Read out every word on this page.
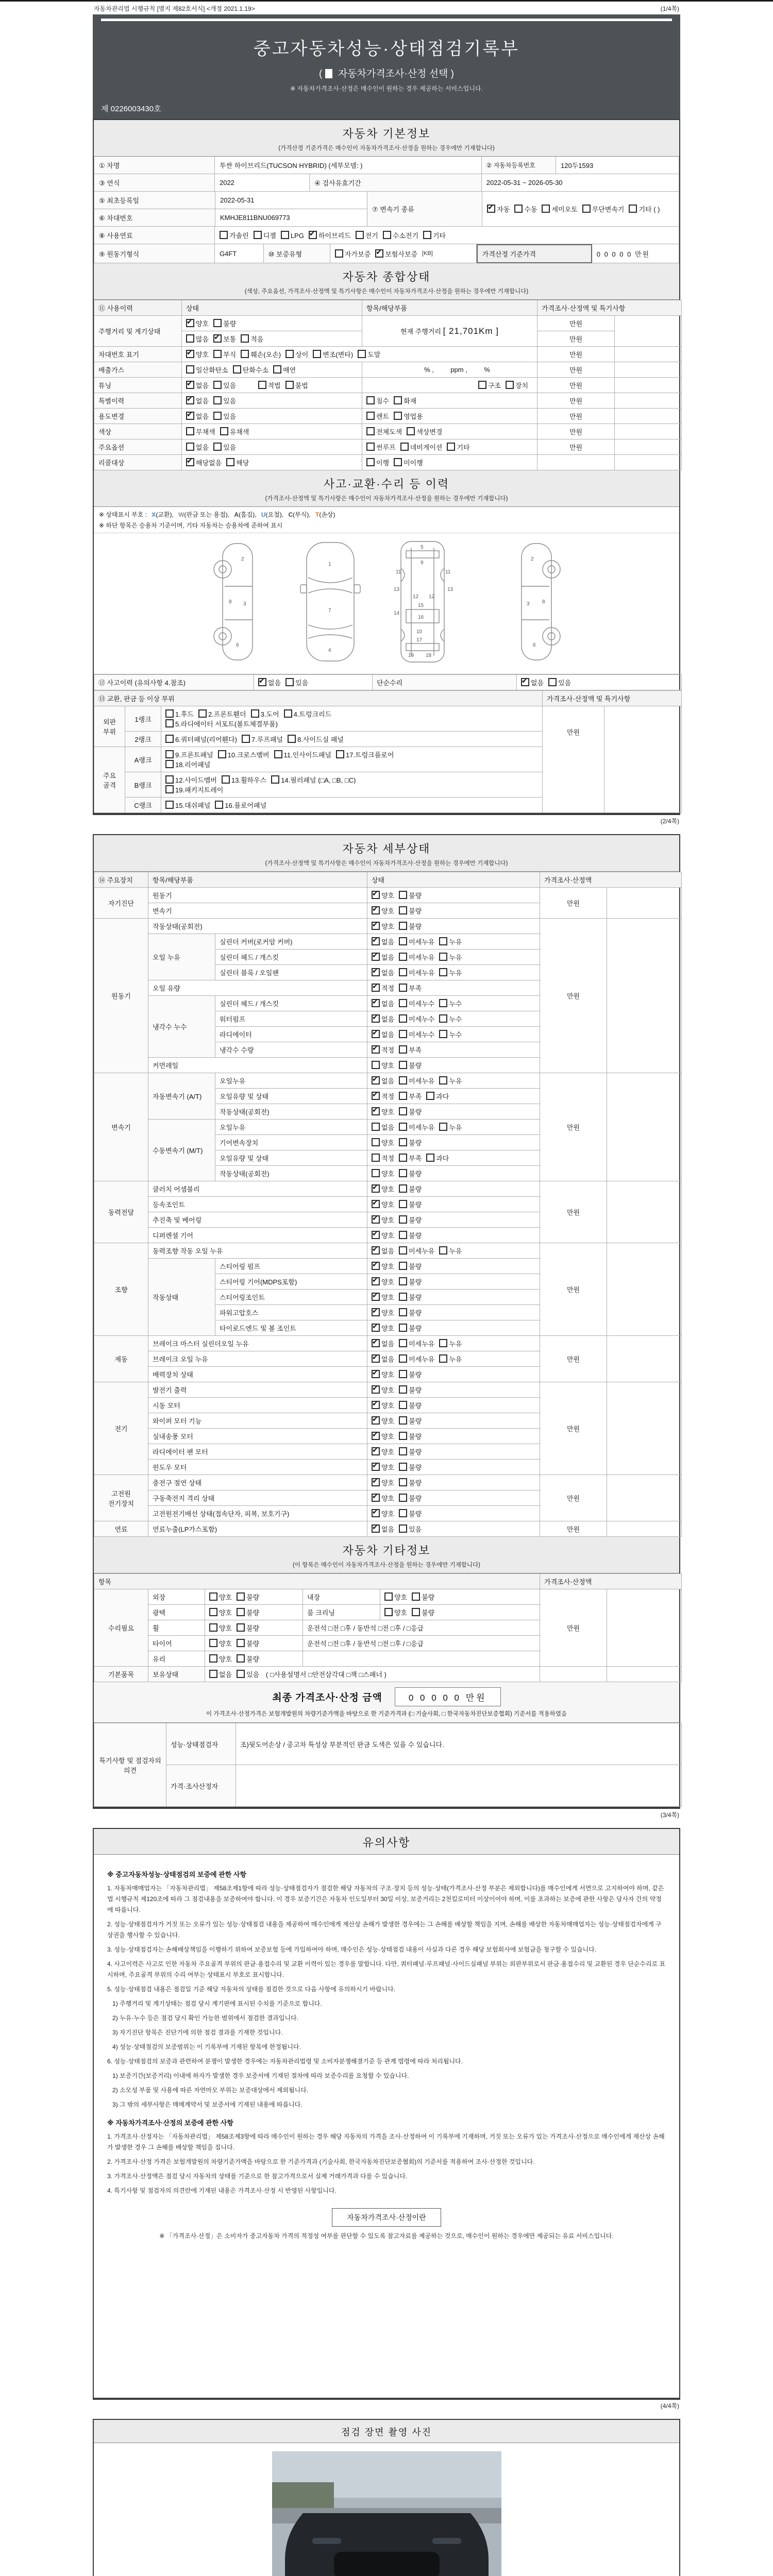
자동차관리법 시행규칙 [별지 제82호서식] <개정 2021.1.19>	(1/4쪽)
중고자동차성능·상태점검기록부
( 자동차가격조사·산정 선택 )
※ 자동차가격조사·산정은 매수인이 원하는 경우 제공하는 서비스입니다.
제 0226003430호
자동차 기본정보
(가격산정 기준가격은 매수인이 자동차가격조사·산정을 원하는 경우에만 기재합니다)
① 차명	투싼 하이브리드(TUCSON HYBRID) (세부모델: )	② 자동차등록번호	120두1593
③ 연식	2022	④ 검사유효기간	2022-05-31 ~ 2026-05-30
⑤ 최초등록일	2022-05-31
⑥ 차대번호	KMHJE811BNU069773
⑦ 변속기 종류 ✔	자동 수동 세미오토	무단변속기 기타 ( )
⑧ 사용연료	가솔린	디젤	LPG ✔	하이브리드	전기	수소전기	기타
⑨ 원동기형식	G4FT	⑩ 보증유형	자가보증 ✔ 보험사보증 [KB]	가격산정 기준가격	0 0 0 0 0 만원
자동차 종합상태
(색상, 주요옵션, 가격조사·산정액 및 특기사항은 매수인이 자동차가격조사·산정을 원하는 경우에만 기재합니다)
⑪ 사용이력	상태	항목/해당부품	가격조사·산정액 및 특기사항	
주행거리 및 계기상태	✔양호 불량	현재 주행거리 [ 21,701Km ]	만원	
	많음 ✔ 보통 적음		만원	
차대번호 표기	✔양호 부식 훼손(오손) 상이 변조(변타) 도말		만원	
배출가스	일산화탄소 탄화수소 매연	% ,         ppm ,         %	만원	
튜닝	✔없음 있음 적법 불법	구조 장치	만원	
특별이력	✔없음 있음	침수 화재	만원	
용도변경	✔없음 있음	렌트 영업용	만원	
색상	무채색 유채색	전체도색 색상변경	만원	
주요옵션	없음 있음	썬루프 네비게이션 기타	만원	
리콜대상	✔해당없음 해당	이행 미이행		
사고·교환·수리 등 이력
(가격조사·산정액 및 특기사항은 매수인이 자동차가격조사·산정을 원하는 경우에만 기재합니다)
※ 상태표시 부호 : X(교환), W(판금 또는 용접), A(흠집), U(요철), C(부식), T(손상)
※ 하단 항목은 승용차 기준이며, 기타 자동차는 승용차에 준하여 표시
2
8 3
6
1
7
4
5
9
11	11
13	13
12 12
15
16
14
10
17
19 18
2
3 8
6
⑫ 사고이력 (유의사항 4.참조)	✔없음 있음	단순수리	✔없음 있음
⑬ 교환, 판금 등 이상 부위			가격조사·산정액 및 특기사항	
외판 부위	1랭크	1.후드 2.프론트휀더 3.도어 4.트렁크리드
5.라디에이터 서포트(볼트체결부품)	만원	
	2랭크	6.쿼터패널(리어휀다) 7.루프패널 8.사이드실 패널		
주요 골격	A랭크	9.프론트패널 10.크로스멤버 11.인사이드패널 17.트렁크플로어
18.리어패널		

	B랭크	12.사이드멤버 13.휠하우스 14.필러패널 (□A, □B, □C)
19.패키지트레이		

	C랭크	15.대쉬패널 16.플로어패널		
(2/4쪽)
자동차 세부상태
(가격조사·산정액 및 특기사항은 매수인이 자동차가격조사·산정을 원하는 경우에만 기재합니다)
⑭ 주요장치	항목/해당부품		상태	가격조사·산정액	
자기진단	원동기	✔양호 불량	만원	
	변속기	✔양호 불량
원동기	작동상태(공회전)	✔양호 불량	만원	
	오일 누유	실린더 커버(로커암 커버)	✔없음 미세누유 누유
		실린더 헤드 / 개스킷	✔없음 미세누유 누유
		실린더 블록 / 오일팬	✔없음 미세누유 누유
	오일 유량	✔적정 부족
	냉각수 누수	실린더 헤드 / 개스킷	✔없음 미세누수 누수
		워터펌프	✔없음 미세누수 누수
		라디에이터	✔없음 미세누수 누수
		냉각수 수량	✔적정 부족
	커먼레일		양호 불량		
변속기	자동변속기 (A/T)	오일누유	✔없음 미세누유 누유	만원	
		오일유량 및 상태	✔적정 부족 과다
		작동상태(공회전)	✔양호 불량
	수동변속기 (M/T)	오일누유	없음 미세누유 누유		
		기어변속장치	양호 불량		
		오일유량 및 상태	적정 부족 과다		
		작동상태(공회전)	양호 불량		
동력전달	클러치 어셈블리	✔양호 불량	만원	
	등속조인트	✔양호 불량
	추진축 및 베어링	✔양호 불량
	디퍼렌셜 기어	✔양호 불량
조향	동력조향 작동 오일 누유	✔없음 미세누유 누유	만원	
	작동상태	스티어링 펌프	✔양호 불량
		스티어링 기어(MDPS포함)	✔양호 불량
		스티어링조인트	✔양호 불량
		파워고압호스	✔양호 불량
		타이로드엔드 및 볼 조인트	✔양호 불량
제동	브레이크 마스터 실린더오일 누유	✔없음 미세누유 누유	만원	
	브레이크 오일 누유	✔없음 미세누유 누유
	배력장치 상태	✔양호 불량
전기	발전기 출력	✔양호 불량	만원	
	시동 모터	✔양호 불량
	와이퍼 모터 기능	✔양호 불량
	실내송풍 모터	✔양호 불량
	라디에이터 팬 모터	✔양호 불량
	윈도우 모터	✔양호 불량
고전원 전기장치	충전구 절연 상태	✔양호 불량	만원	
	구동축전지 격리 상태	✔양호 불량
	고전원전기배선 상태(접속단자, 피복, 보호기구)	✔양호 불량
연료	연료누출(LP가스포함)	✔없음 있음	만원	
자동차 기타정보
(이 항목은 매수인이 자동차가격조사·산정을 원하는 경우에만 기재합니다)
항목					가격조사·산정액	
수리필요	외장	양호 불량	내장	양호 불량	만원	
	광택	양호 불량	룸 크리닝	양호 불량		
	휠	양호 불량	운전석 □전 □후 / 동반석 □전 □후 / □응급			
	타이어	양호 불량	운전석 □전 □후 / 동반석 □전 □후 / □응급			
	유리	양호 불량				
기본품목	보유상태	없음 있음 ( □사용설명서 □안전삼각대 □잭 □스패너 )				
최종 가격조사·산정 금액	0 0 0 0 0 만원
이 가격조사·산정가격은 보험개발원의 차량기준가액을 바탕으로 한 기준가격과 (□ 기술사회, □ 한국자동차진단보증협회) 기준서를 적용하였음
특기사항 및 점검자의 의견	성능·상태점검자	조)뒷도어손상 / 중고차 특성상 부분적인 판금 도색은 있을 수 있습니다.
	가격·조사산정자	
(3/4쪽)
유의사항
※ 중고자동차성능·상태점검의 보증에 관한 사항
1. 자동차매매업자는 「자동차관리법」 제58조제1항에 따라 성능·상태점검자가 점검한 해당 자동차의 구조·장치 등의 성능·상태(가격조사·산정 부분은 제외합니다)를 매수인에게 서면으로 고지하여야 하며, 같은 법 시행규칙 제120조에 따라 그 점검내용을 보증하여야 합니다. 이 경우 보증기간은 자동차 인도일부터 30일 이상, 보증거리는 2천킬로미터 이상이어야 하며, 이를 초과하는 보증에 관한 사항은 당사자 간의 약정에 따릅니다.
2. 성능·상태점검자가 거짓 또는 오류가 있는 성능·상태점검 내용을 제공하여 매수인에게 재산상 손해가 발생한 경우에는 그 손해를 배상할 책임을 지며, 손해를 배상한 자동차매매업자는 성능·상태점검자에게 구상권을 행사할 수 있습니다.
3. 성능·상태점검자는 손해배상책임을 이행하기 위하여 보증보험 등에 가입하여야 하며, 매수인은 성능·상태점검 내용이 사실과 다른 경우 해당 보험회사에 보험금을 청구할 수 있습니다.
4. 사고이력은 사고로 인한 자동차 주요골격 부위의 판금·용접수리 및 교환 이력이 있는 경우를 말합니다. 다만, 쿼터패널·루프패널·사이드실패널 부위는 외판부위로서 판금·용접수리 및 교환된 경우 단순수리로 표시하며, 주요골격 부위의 수리 여부는 상태표시 부호로 표시합니다.
5. 성능·상태점검 내용은 점검일 기준 해당 자동차의 상태를 점검한 것으로 다음 사항에 유의하시기 바랍니다.
1) 주행거리 및 계기상태는 점검 당시 계기판에 표시된 수치를 기준으로 합니다.
2) 누유·누수 등은 점검 당시 확인 가능한 범위에서 점검한 결과입니다.
3) 자기진단 항목은 진단기에 의한 점검 결과를 기재한 것입니다.
4) 성능·상태점검의 보증범위는 이 기록부에 기재된 항목에 한정됩니다.
6. 성능·상태점검의 보증과 관련하여 분쟁이 발생한 경우에는 자동차관리법령 및 소비자분쟁해결기준 등 관계 법령에 따라 처리됩니다.
1) 보증기간(보증거리) 이내에 하자가 발생한 경우 보증서에 기재된 절차에 따라 보증수리를 요청할 수 있습니다.
2) 소모성 부품 및 사용에 따른 자연마모 부위는 보증대상에서 제외됩니다.
3) 그 밖의 세부사항은 매매계약서 및 보증서에 기재된 내용에 따릅니다.
※ 자동차가격조사·산정의 보증에 관한 사항
1. 가격조사·산정자는 「자동차관리법」 제58조제3항에 따라 매수인이 원하는 경우 해당 자동차의 가격을 조사·산정하여 이 기록부에 기재하며, 거짓 또는 오류가 있는 가격조사·산정으로 매수인에게 재산상 손해가 발생한 경우 그 손해를 배상할 책임을 집니다.
2. 가격조사·산정 가격은 보험개발원의 차량기준가액을 바탕으로 한 기준가격과 (기술사회, 한국자동차진단보증협회)의 기준서를 적용하여 조사·산정한 것입니다.
3. 가격조사·산정액은 점검 당시 자동차의 상태를 기준으로 한 참고가격으로서 실제 거래가격과 다를 수 있습니다.
4. 특기사항 및 점검자의 의견란에 기재된 내용은 가격조사·산정 시 반영된 사항입니다.
자동차가격조사·산정이란
※ 「가격조사·산정」은 소비자가 중고자동차 가격의 적정성 여부를 판단할 수 있도록 참고자료를 제공하는 것으로, 매수인이 원하는 경우에만 제공되는 유료 서비스입니다.
(4/4쪽)
점검 장면 촬영 사진
